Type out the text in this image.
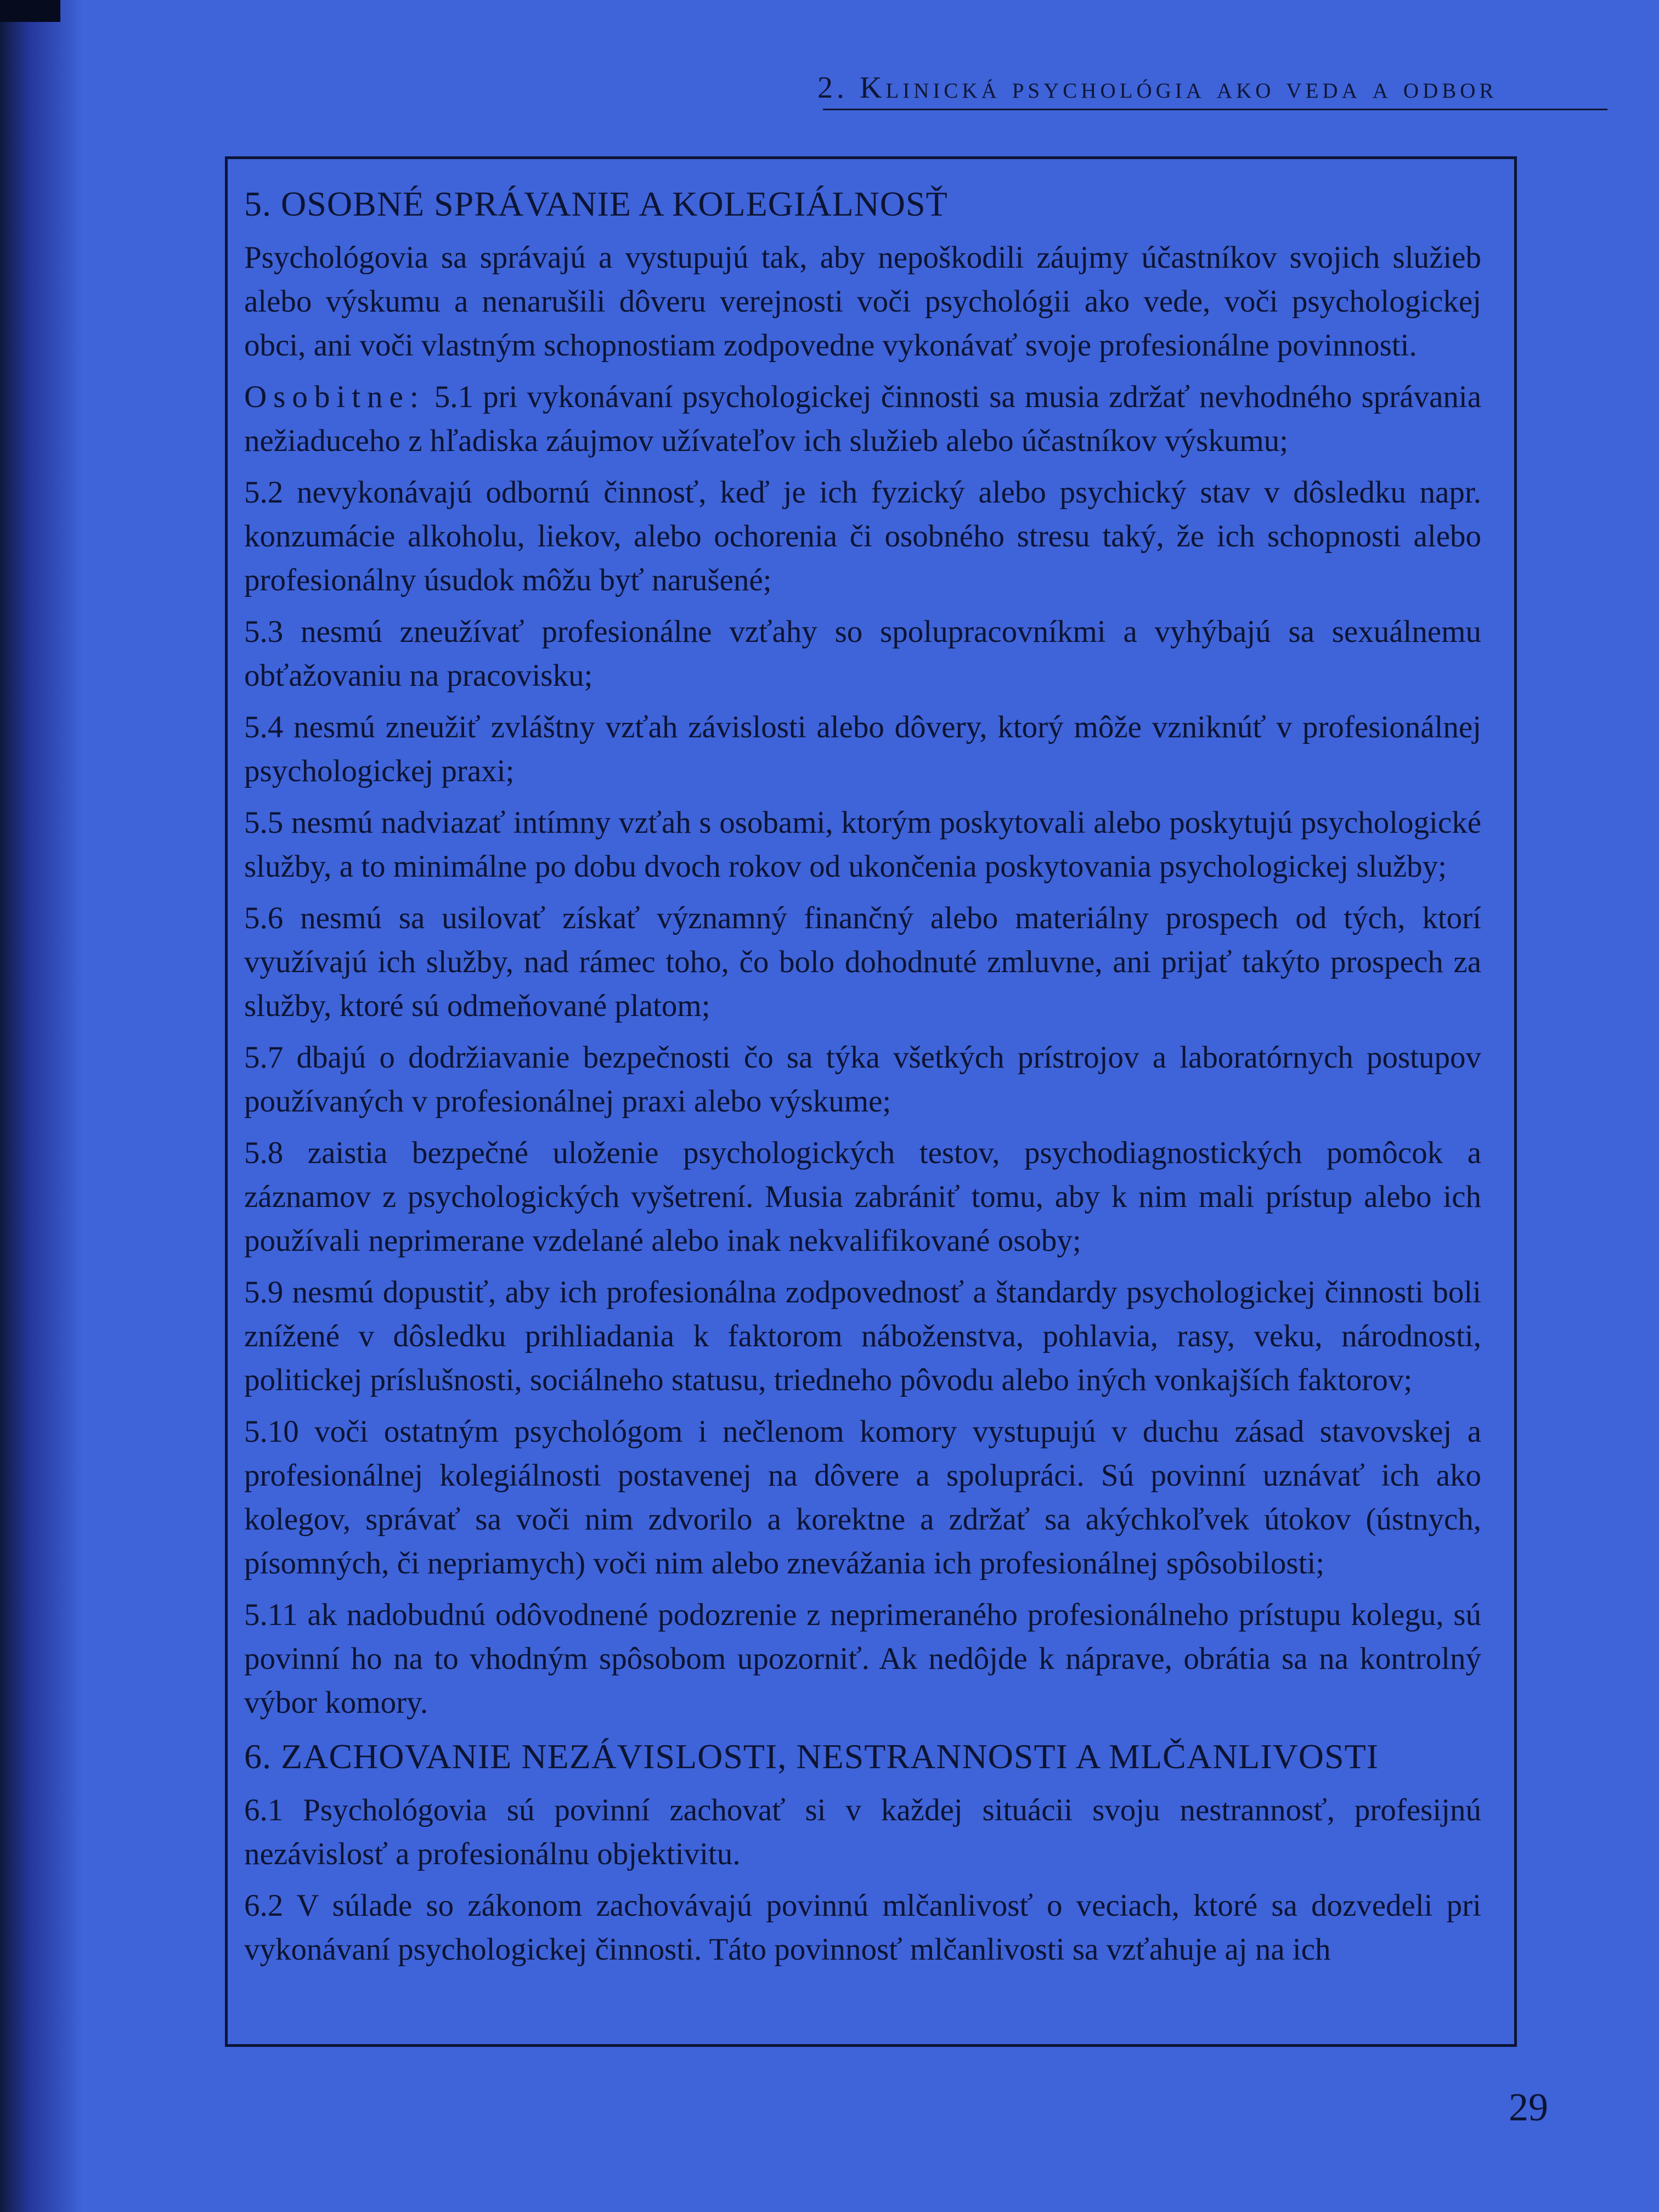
2. Klinická psychológia ako veda a odbor
5. OSOBNÉ SPRÁVANIE A KOLEGIÁLNOSŤ

Psychológovia sa správajú a vystupujú tak, aby nepoškodili záujmy účastníkov svojich služieb alebo výskumu a nenarušili dôveru verejnosti voči psychológii ako vede, voči psychologickej obci, ani voči vlastným schopnostiam zodpovedne vykonávať svoje profesionálne povinnosti.

Osobitne: 5.1 pri vykonávaní psychologickej činnosti sa musia zdržať nevhodného správania nežiaduceho z hľadiska záujmov užívateľov ich služieb alebo účastníkov výskumu;

5.2 nevykonávajú odbornú činnosť, keď je ich fyzický alebo psychický stav v dôsledku napr. konzumácie alkoholu, liekov, alebo ochorenia či osobného stresu taký, že ich schopnosti alebo profesionálny úsudok môžu byť narušené;

5.3 nesmú zneužívať profesionálne vzťahy so spolupracovníkmi a vyhýbajú sa sexuálnemu obťažovaniu na pracovisku;

5.4 nesmú zneužiť zvláštny vzťah závislosti alebo dôvery, ktorý môže vzniknúť v profesionálnej psychologickej praxi;

5.5 nesmú nadviazať intímny vzťah s osobami, ktorým poskytovali alebo poskytujú psychologické služby, a to minimálne po dobu dvoch rokov od ukončenia poskytovania psychologickej služby;

5.6 nesmú sa usilovať získať významný finančný alebo materiálny prospech od tých, ktorí využívajú ich služby, nad rámec toho, čo bolo dohodnuté zmluvne, ani prijať takýto prospech za služby, ktoré sú odmeňované platom;

5.7 dbajú o dodržiavanie bezpečnosti čo sa týka všetkých prístrojov a laboratórnych postupov používaných v profesionálnej praxi alebo výskume;

5.8 zaistia bezpečné uloženie psychologických testov, psychodiagnostických pomôcok a záznamov z psychologických vyšetrení. Musia zabrániť tomu, aby k nim mali prístup alebo ich používali neprimerane vzdelané alebo inak nekvalifikované osoby;

5.9 nesmú dopustiť, aby ich profesionálna zodpovednosť a štandardy psychologickej činnosti boli znížené v dôsledku prihliadania k faktorom náboženstva, pohlavia, rasy, veku, národnosti, politickej príslušnosti, sociálneho statusu, triedneho pôvodu alebo iných vonkajších faktorov;

5.10 voči ostatným psychológom i nečlenom komory vystupujú v duchu zásad stavovskej a profesionálnej kolegiálnosti postavenej na dôvere a spolupráci. Sú povinní uznávať ich ako kolegov, správať sa voči nim zdvorilo a korektne a zdržať sa akýchkoľvek útokov (ústnych, písomných, či nepriamych) voči nim alebo znevážania ich profesionálnej spôsobilosti;

5.11 ak nadobudnú odôvodnené podozrenie z neprimeraného profesionálneho prístupu kolegu, sú povinní ho na to vhodným spôsobom upozorniť. Ak nedôjde k náprave, obrátia sa na kontrolný výbor komory.

6. ZACHOVANIE NEZÁVISLOSTI, NESTRANNOSTI A MLČANLIVOSTI

6.1 Psychológovia sú povinní zachovať si v každej situácii svoju nestrannosť, profesijnú nezávislosť a profesionálnu objektivitu.

6.2 V súlade so zákonom zachovávajú povinnú mlčanlivosť o veciach, ktoré sa dozvedeli pri vykonávaní psychologickej činnosti. Táto povinnosť mlčanlivosti sa vzťahuje aj na ich

29
